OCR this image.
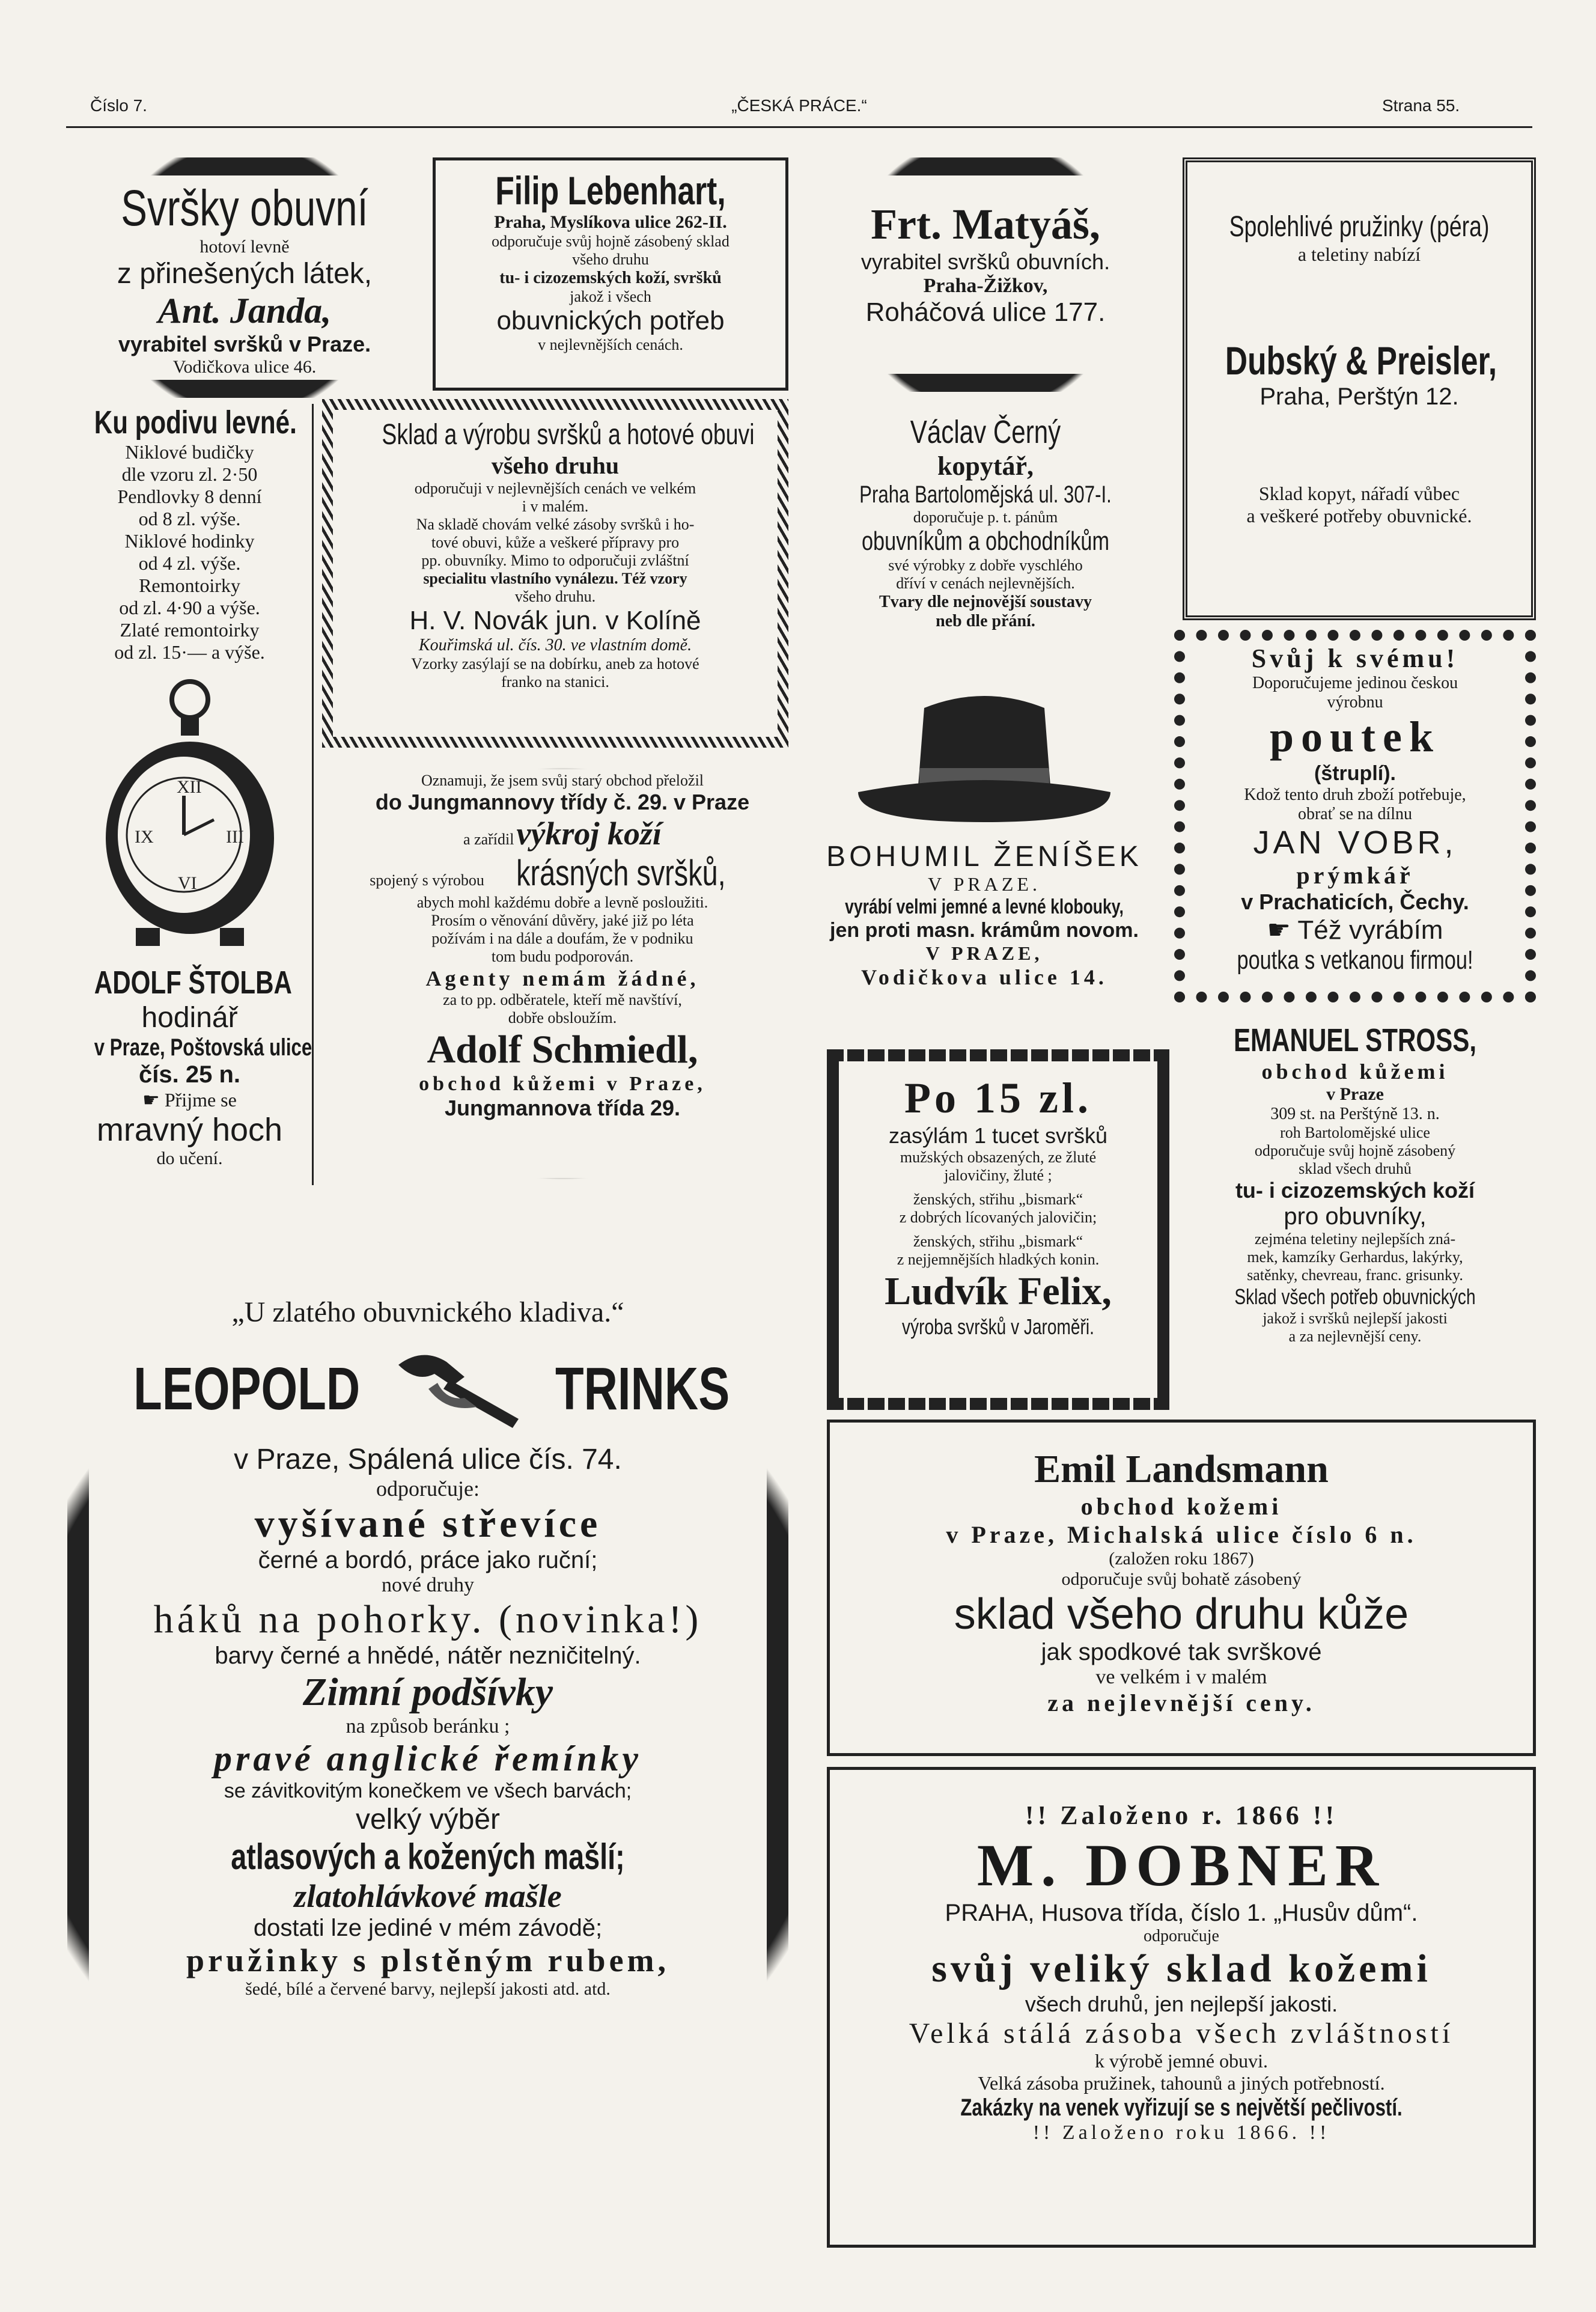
Číslo 7.	„ČESKÁ PRÁCE.“	Strana 55.
Svršky obuvní
hotoví levně
z přinešených látek,
Ant. Janda,
vyrabitel svršků v Praze.
Vodičkova ulice 46.
Filip Lebenhart,
Praha, Myslíkova ulice 262-II.
odporučuje svůj hojně zásobený sklad
všeho druhu
tu- i cizozemských koží, svršků
jakož i všech
obuvnických potřeb
v nejlevnějších cenách.
Frt. Matyáš,
vyrabitel svršků obuvních.
Praha-Žižkov,
Roháčová ulice 177.
Spolehlivé pružinky (péra)
a teletiny nabízí
Dubský & Preisler,
Praha, Perštýn 12.
Sklad kopyt, nářadí vůbec
a veškeré potřeby obuvnické.
Ku podivu levné.
Niklové budičky
dle vzoru zl. 2·50
Pendlovky 8 denní
od 8 zl. výše.
Niklové hodinky
od 4 zl. výše.
Remontoirky
od zl. 4·90 a výše.
Zlaté remontoirky
od zl. 15·— a výše.
XII
III
VI
IX
ADOLF ŠTOLBA
hodinář
v Praze, Poštovská ulice
čís. 25 n.
☛ Přijme se
mravný hoch
do učení.
Sklad a výrobu svršků a hotové obuvi
všeho druhu
odporučuji v nejlevnějších cenách ve velkém
i v malém.
Na skladě chovám velké zásoby svršků i ho-
tové obuvi, kůže a veškeré přípravy pro
pp. obuvníky. Mimo to odporučuji zvláštní
specialitu vlastního vynálezu. Též vzory
všeho druhu.
H. V. Novák jun. v Kolíně
Kouřimská ul. čís. 30. ve vlastním domě.
Vzorky zasýlají se na dobírku, aneb za hotové
franko na stanici.
Václav Černý
kopytář,
Praha Bartolomějská ul. 307-I.
doporučuje p. t. pánům
obuvníkům a obchodníkům
své výrobky z dobře vyschlého
dříví v cenách nejlevnějších.
Tvary dle nejnovější soustavy
neb dle přání.
Svůj k svému!
Doporučujeme jedinou českou
výrobnu
poutek
(štruplí).
Kdož tento druh zboží potřebuje,
obrať se na dílnu
JAN VOBR,
prýmkář
v Prachaticích, Čechy.
☛ Též vyrábím
poutka s vetkanou firmou!
Oznamuji, že jsem svůj starý obchod přeložil
do Jungmannovy třídy č. 29. v Praze
a zařídil výkroj koží
spojený s výrobou krásných svršků,
abych mohl každému dobře a levně posloužiti.
Prosím o věnování důvěry, jaké již po léta
požívám i na dále a doufám, že v podniku
tom budu podporován.
Agenty nemám žádné,
za to pp. odběratele, kteří mě navštíví,
dobře obsloužím.
Adolf Schmiedl,
obchod kůžemi v Praze,
Jungmannova třída 29.
BOHUMIL ŽENÍŠEK
V PRAZE.
vyrábí velmi jemné a levné klobouky,
jen proti masn. krámům novom.
V PRAZE,
Vodičkova ulice 14.
EMANUEL STROSS,
obchod kůžemi
v Praze
309 st. na Perštýně 13. n.
roh Bartolomějské ulice
odporučuje svůj hojně zásobený
sklad všech druhů
tu- i cizozemských koží
pro obuvníky,
zejména teletiny nejlepších zná-
mek, kamzíky Gerhardus, lakýrky,
satěnky, chevreau, franc. grisunky.
Sklad všech potřeb obuvnických
jakož i svršků nejlepší jakosti
a za nejlevnější ceny.
Po 15 zl.
zasýlám 1 tucet svršků
mužských obsazených, ze žluté
jalovičiny, žluté ;
ženských, střihu „bismark“
z dobrých lícovaných jalovičin;
ženských, střihu „bismark“
z nejjemnějších hladkých konin.
Ludvík Felix,
výroba svršků v Jaroměři.
„U zlatého obuvnického kladiva.“
LEOPOLD	TRINKS
v Praze, Spálená ulice čís. 74.
odporučuje:
vyšívané střevíce
černé a bordó, práce jako ruční;
nové druhy
háků na pohorky. (novinka!)
barvy černé a hnědé, nátěr nezničitelný.
Zimní podšívky
na způsob beránku ;
pravé anglické řemínky
se závitkovitým konečkem ve všech barvách;
velký výběr
atlasových a kožených mašlí;
zlatohlávkové mašle
dostati lze jediné v mém závodě;
pružinky s plstěným rubem,
šedé, bílé a červené barvy, nejlepší jakosti atd. atd.
Emil Landsmann
obchod kožemi
v Praze, Michalská ulice číslo 6 n.
(založen roku 1867)
odporučuje svůj bohatě zásobený
sklad všeho druhu kůže
jak spodkové tak svrškové
ve velkém i v malém
za nejlevnější ceny.
!! Založeno r. 1866 !!
M. DOBNER
PRAHA, Husova třída, číslo 1. „Husův dům“.
odporučuje
svůj veliký sklad kožemi
všech druhů, jen nejlepší jakosti.
Velká stálá zásoba všech zvláštností
k výrobě jemné obuvi.
Velká zásoba pružinek, tahounů a jiných potřebností.
Zakázky na venek vyřizují se s největší pečlivostí.
!! Založeno roku 1866. !!
